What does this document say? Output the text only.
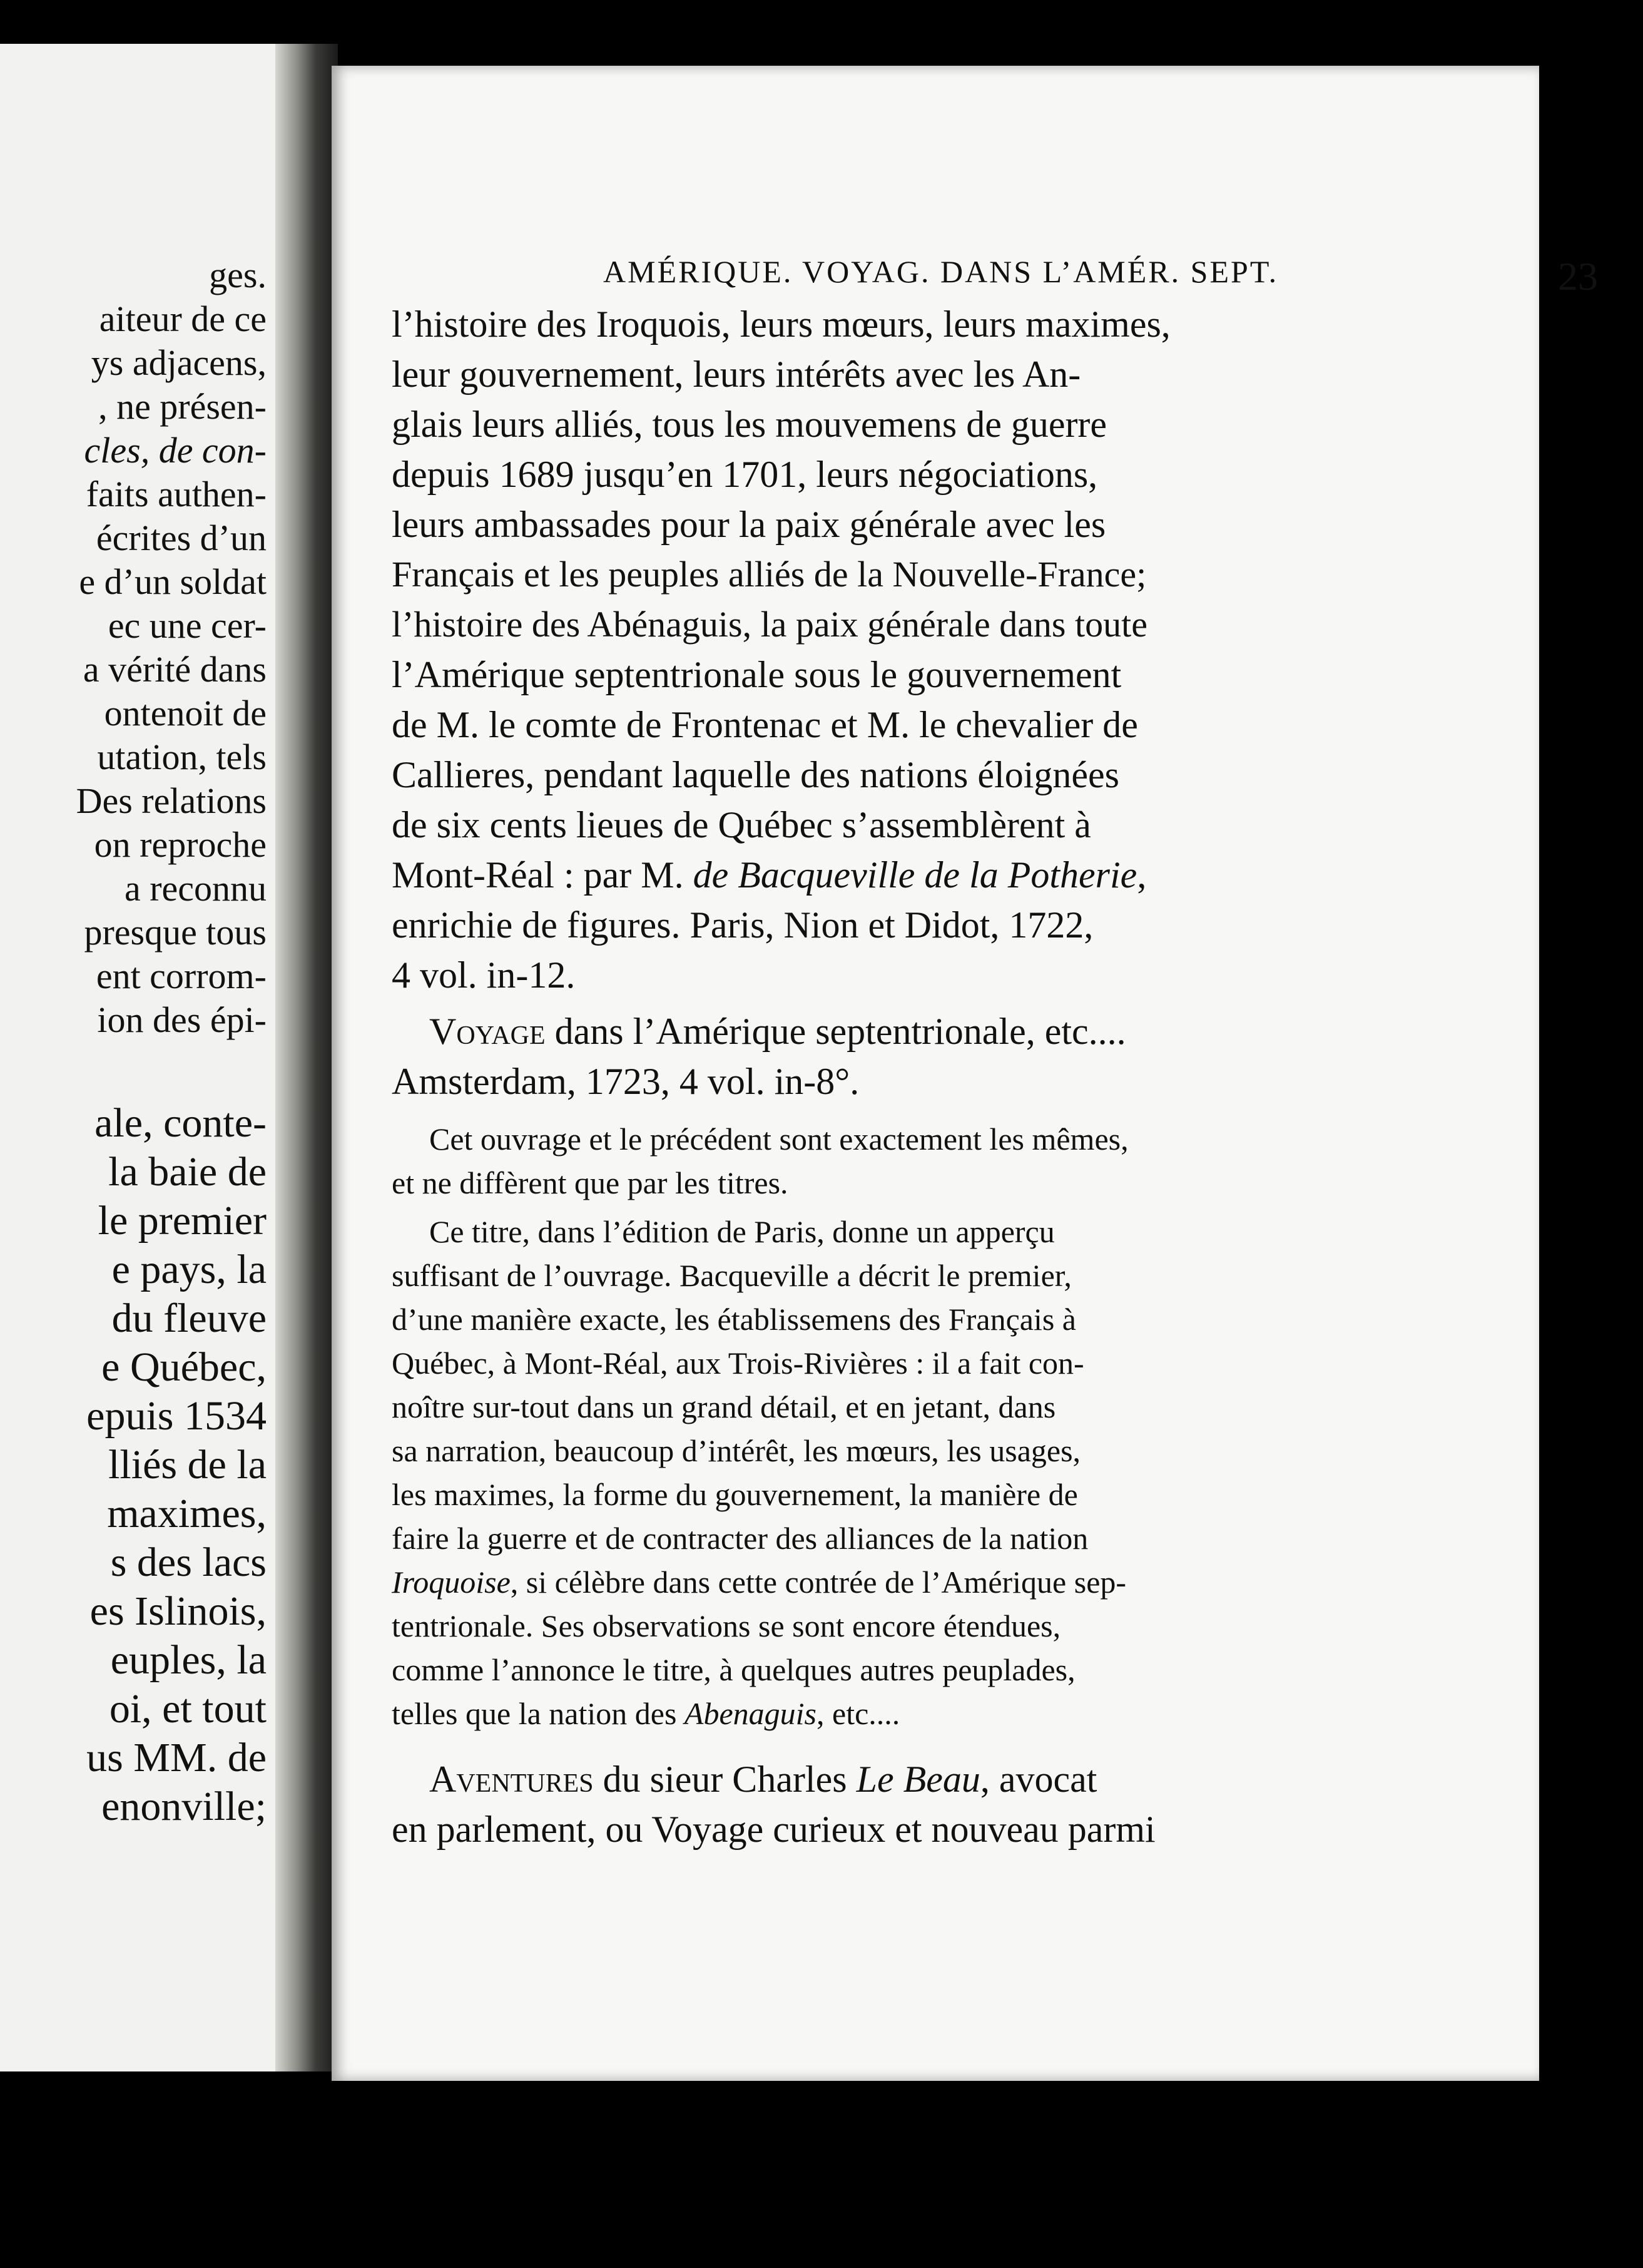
ges.
aiteur de ce
ys adjacens,
, ne présen-
cles, de con-
faits authen-
écrites d’un
e d’un soldat
ec une cer-
a vérité dans
ontenoit de
utation, tels
Des relations
on reproche
a reconnu
presque tous
ent corrom-
ion des épi-
ale, conte-
la baie de
le premier
e pays, la
du fleuve
e Québec,
epuis 1534
lliés de la
maximes,
s des lacs
es Islinois,
euples, la
oi, et tout
us MM. de
enonville;
AMÉRIQUE. VOYAG. DANS L’AMÉR. SEPT.	23
l’histoire des Iroquois, leurs mœurs, leurs maximes,
leur gouvernement, leurs intérêts avec les An-
glais leurs alliés, tous les mouvemens de guerre
depuis 1689 jusqu’en 1701, leurs négociations,
leurs ambassades pour la paix générale avec les
Français et les peuples alliés de la Nouvelle-France;
l’histoire des Abénaguis, la paix générale dans toute
l’Amérique septentrionale sous le gouvernement
de M. le comte de Frontenac et M. le chevalier de
Callieres, pendant laquelle des nations éloignées
de six cents lieues de Québec s’assemblèrent à
Mont-Réal : par M. de Bacqueville de la Potherie,
enrichie de figures. Paris, Nion et Didot, 1722,
4 vol. in-12.
Voyage dans l’Amérique septentrionale, etc....
Amsterdam, 1723, 4 vol. in-8°.
Cet ouvrage et le précédent sont exactement les mêmes,
et ne diffèrent que par les titres.
Ce titre, dans l’édition de Paris, donne un apperçu
suffisant de l’ouvrage. Bacqueville a décrit le premier,
d’une manière exacte, les établissemens des Français à
Québec, à Mont-Réal, aux Trois-Rivières : il a fait con-
noître sur-tout dans un grand détail, et en jetant, dans
sa narration, beaucoup d’intérêt, les mœurs, les usages,
les maximes, la forme du gouvernement, la manière de
faire la guerre et de contracter des alliances de la nation
Iroquoise, si célèbre dans cette contrée de l’Amérique sep-
tentrionale. Ses observations se sont encore étendues,
comme l’annonce le titre, à quelques autres peuplades,
telles que la nation des Abenaguis, etc....
Aventures du sieur Charles Le Beau, avocat
en parlement, ou Voyage curieux et nouveau parmi
